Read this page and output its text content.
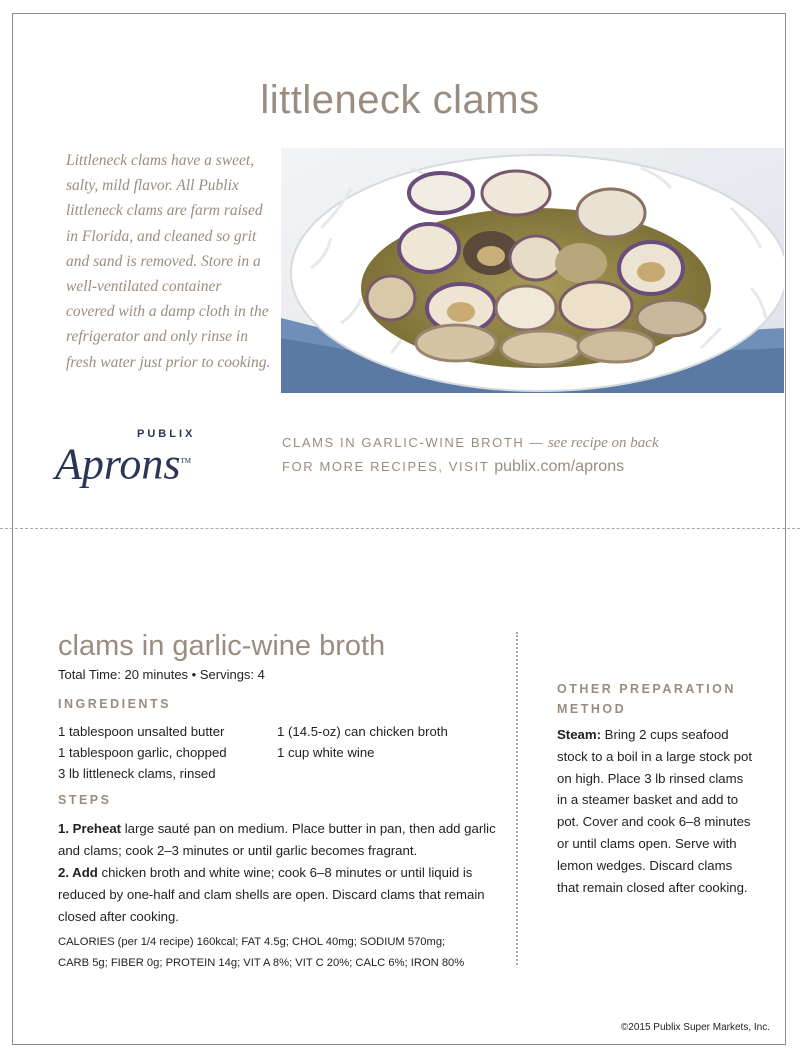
littleneck clams
Littleneck clams have a sweet, salty, mild flavor. All Publix littleneck clams are farm raised in Florida, and cleaned so grit and sand is removed. Store in a well-ventilated container covered with a damp cloth in the refrigerator and only rinse in fresh water just prior to cooking.
PUBLIX
Aprons™
CLAMS IN GARLIC-WINE BROTH — see recipe on back
FOR MORE RECIPES, VISIT publix.com/aprons
clams in garlic-wine broth
Total Time: 20 minutes • Servings: 4
INGREDIENTS
1 tablespoon unsalted butter
1 tablespoon garlic, chopped
3 lb littleneck clams, rinsed
1 (14.5-oz) can chicken broth
1 cup white wine
STEPS

1. Preheat large sauté pan on medium. Place butter in pan, then add garlic and clams; cook 2–3 minutes or until garlic becomes fragrant.

2. Add chicken broth and white wine; cook 6–8 minutes or until liquid is reduced by one-half and clam shells are open. Discard clams that remain closed after cooking.

CALORIES (per 1/4 recipe) 160kcal; FAT 4.5g; CHOL 40mg; SODIUM 570mg;
CARB 5g; FIBER 0g; PROTEIN 14g; VIT A 8%; VIT C 20%; CALC 6%; IRON 80%
OTHER PREPARATION
METHOD
Steam: Bring 2 cups seafood stock to a boil in a large stock pot on high. Place 3 lb rinsed clams in a steamer basket and add to pot. Cover and cook 6–8 minutes or until clams open. Serve with lemon wedges. Discard clams that remain closed after cooking.
©2015 Publix Super Markets, Inc.
